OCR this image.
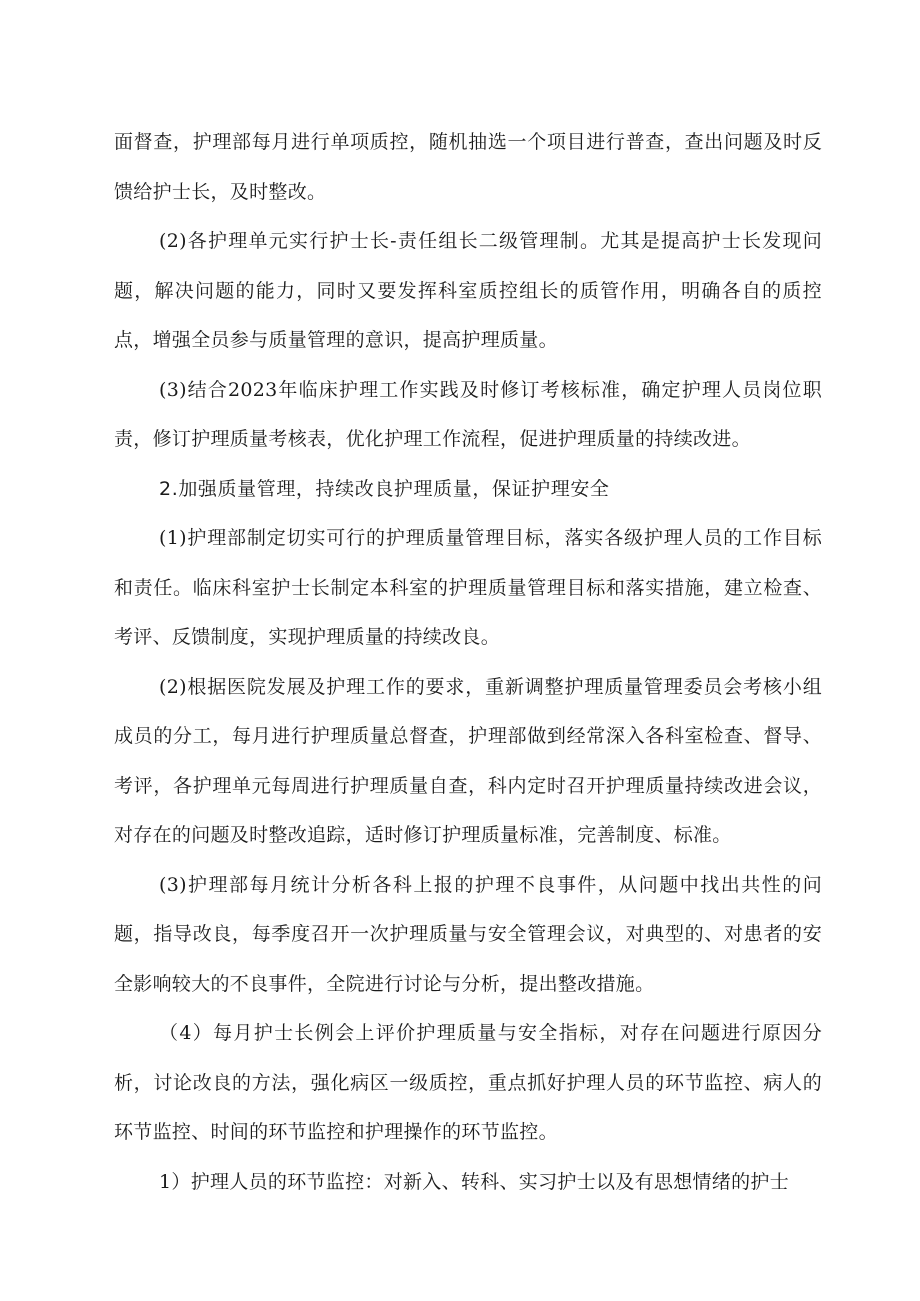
面督查，护理部每月进行单项质控，随机抽选一个项目进行普查，查出问题及时反馈给护士长，及时整改。

(2)各护理单元实行护士长-责任组长二级管理制。尤其是提高护士长发现问题，解决问题的能力，同时又要发挥科室质控组长的质管作用，明确各自的质控点，增强全员参与质量管理的意识，提高护理质量。

(3)结合2023年临床护理工作实践及时修订考核标准，确定护理人员岗位职责，修订护理质量考核表，优化护理工作流程，促进护理质量的持续改进。

2.加强质量管理，持续改良护理质量，保证护理安全

(1)护理部制定切实可行的护理质量管理目标，落实各级护理人员的工作目标和责任。临床科室护士长制定本科室的护理质量管理目标和落实措施，建立检查、考评、反馈制度，实现护理质量的持续改良。

(2)根据医院发展及护理工作的要求，重新调整护理质量管理委员会考核小组成员的分工，每月进行护理质量总督查，护理部做到经常深入各科室检查、督导、考评，各护理单元每周进行护理质量自查，科内定时召开护理质量持续改进会议，对存在的问题及时整改追踪，适时修订护理质量标准，完善制度、标准。

(3)护理部每月统计分析各科上报的护理不良事件，从问题中找出共性的问题，指导改良，每季度召开一次护理质量与安全管理会议，对典型的、对患者的安全影响较大的不良事件，全院进行讨论与分析，提出整改措施。

（4）每月护士长例会上评价护理质量与安全指标，对存在问题进行原因分析，讨论改良的方法，强化病区一级质控，重点抓好护理人员的环节监控、病人的环节监控、时间的环节监控和护理操作的环节监控。

1）护理人员的环节监控：对新入、转科、实习护士以及有思想情绪的护士
